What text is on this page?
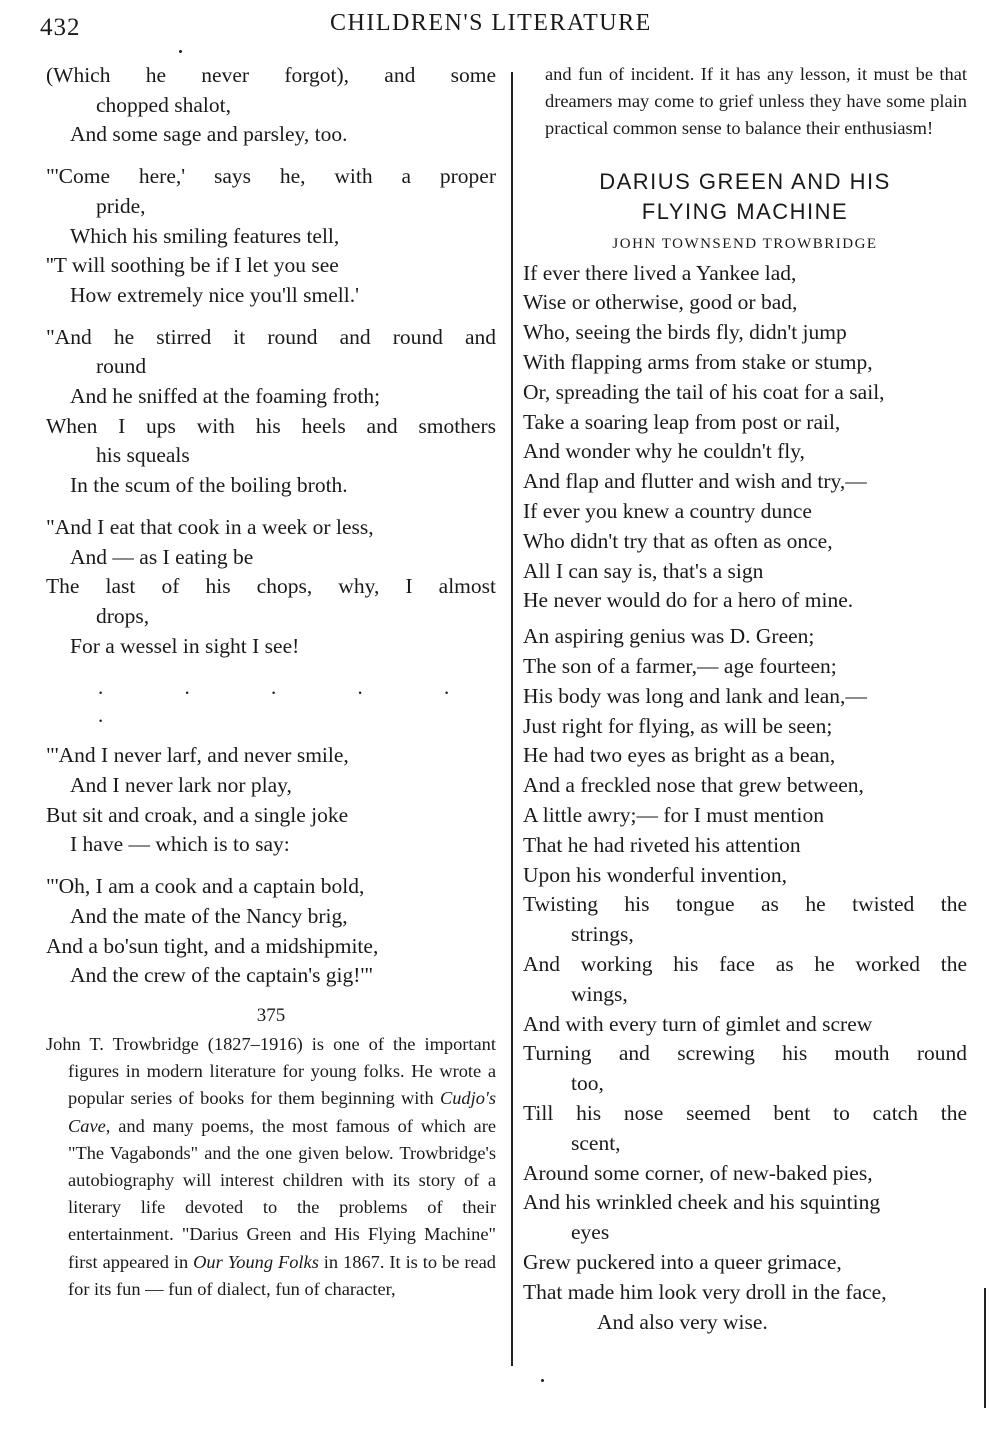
432	CHILDREN'S LITERATURE
(Which he never forgot), and some
chopped shalot,
And some sage and parsley, too.
"'Come here,' says he, with a proper
pride,
Which his smiling features tell,
''T will soothing be if I let you see
How extremely nice you'll smell.'
"And he stirred it round and round and
round
And he sniffed at the foaming froth;
When I ups with his heels and smothers
his squeals
In the scum of the boiling broth.
"And I eat that cook in a week or less,
And — as I eating be
The last of his chops, why, I almost
drops,
For a wessel in sight I see!
. . . . . .
"'And I never larf, and never smile,
And I never lark nor play,
But sit and croak, and a single joke
I have — which is to say:
"'Oh, I am a cook and a captain bold,
And the mate of the Nancy brig,
And a bo'sun tight, and a midshipmite,
And the crew of the captain's gig!'"
375

John T. Trowbridge (1827–1916) is one of the important figures in modern literature for young folks. He wrote a popular series of books for them beginning with Cudjo's Cave, and many poems, the most famous of which are "The Vagabonds" and the one given below. Trowbridge's autobiography will interest children with its story of a literary life devoted to the problems of their entertainment. "Darius Green and His Flying Machine" first appeared in Our Young Folks in 1867. It is to be read for its fun — fun of dialect, fun of character,

and fun of incident. If it has any lesson, it must be that dreamers may come to grief unless they have some plain practical common sense to balance their enthusiasm!

DARIUS GREEN AND HIS
FLYING MACHINE
JOHN TOWNSEND TROWBRIDGE
If ever there lived a Yankee lad,
Wise or otherwise, good or bad,
Who, seeing the birds fly, didn't jump
With flapping arms from stake or stump,
Or, spreading the tail of his coat for a sail,
Take a soaring leap from post or rail,
And wonder why he couldn't fly,
And flap and flutter and wish and try,—
If ever you knew a country dunce
Who didn't try that as often as once,
All I can say is, that's a sign
He never would do for a hero of mine.
An aspiring genius was D. Green;
The son of a farmer,— age fourteen;
His body was long and lank and lean,—
Just right for flying, as will be seen;
He had two eyes as bright as a bean,
And a freckled nose that grew between,
A little awry;— for I must mention
That he had riveted his attention
Upon his wonderful invention,
Twisting his tongue as he twisted the
strings,
And working his face as he worked the
wings,
And with every turn of gimlet and screw
Turning and screwing his mouth round
too,
Till his nose seemed bent to catch the
scent,
Around some corner, of new-baked pies,
And his wrinkled cheek and his squinting
eyes
Grew puckered into a queer grimace,
That made him look very droll in the face,
And also very wise.
